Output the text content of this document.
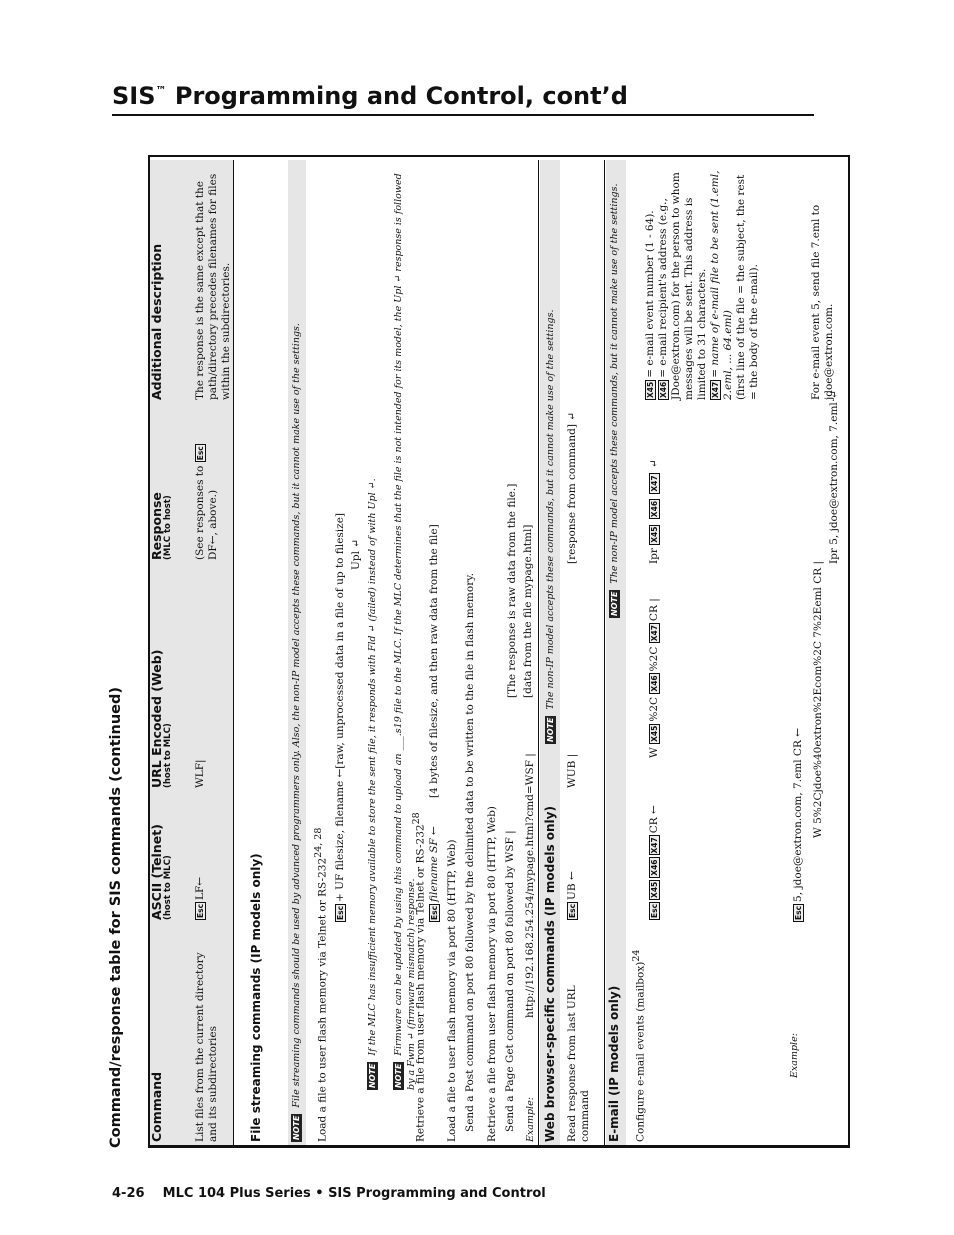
SIS™ Programming and Control, cont’d
Command/response table for SIS commands (continued) Command
ASCII (Telnet) (host to MLC)
URL Encoded (Web) (host to MLC)
Response (MLC to host)
Additional description
List files from the current directory and its subdirectories
EscLF←
WLF|
(See responses to EscDF←, above.)
The response is the same except that the path/directory precedes filenames for files within the subdirectories.
File streaming commands (IP models only)	NOTEFile streaming commands should be used by advanced programmers only. Also, the non-IP model accepts these commands, but it cannot make use of the settings.	Load a file to user flash memory via Telnet or RS-232$^{24, 28}$
Esc+ UF filesize, filename ←[raw, unprocessed data in a file of up to filesize] Upl ↵
NOTEIf the MLC has insufficient memory available to store the sent file, it responds with Fld ↵ (failed) instead of with Upl ↵.
NOTEFirmware can be updated by using this command to upload an ___.s19 file to the MLC. If the MLC determines that the file is not intended for its model, the Upl ↵ response is followed by a Fwm ↵ (firmware mismatch) response.
Retrieve a file from user flash memory via Telnet or $RS-232^{28}$
Escfilename SF ←
[4 bytes of filesize, and then raw data from the file]
Load a file to user flash memory via port 80 (HTTP, Web) Send a Post command on port 80 followed by the delimited data to be written to the file in flash memory. Retrieve a file from user flash memory via port 80 (HTTP, Web) Send a Page Get command on port 80 followed by WSF |
[The response is raw data from the file.]
Example:
http://192.168.254.254/mypage.html?cmd=WSF |
[data from the file mypage.html]
Web browser-specific commands (IP models only)
NOTEThe non-IP model accepts these commands, but it cannot make use of the settings.
Read response from last URL command
EscUB ←
WUB |
[response from command] ↵
E-mail (IP models only)
NOTEThe non-IP model accepts these commands, but it cannot make use of the settings.
Configure e-mail events (mailbox)$^{24}$
EscX45X46X47CR ←
W X45%2C X46%2C X47CR |
Ipr X45 X46 X47 ↵
X45= e-mail event number (1 - 64).
X46= e-mail recipient's address (e.g., JDoe@extron.com) for the person to whom messages will be sent. This address is limited to 31 characters. X47= name of e-mail file to be sent (1.eml, 2.eml, ... 64.eml) (first line of the file = the subject, the rest = the body of the e-mail).
Example:
Esc5, jdoe@extron.com, 7.eml CR ← W 5%2Cjdoe%40extron%2Ecom%2C 7%2Eeml CR |
Ipr 5, jdoe@extron.com, 7.eml ↵
For e-mail event 5, send file 7.eml to jdoe@extron.com.
4-26 MLC 104 Plus Series • SIS Programming and Control
